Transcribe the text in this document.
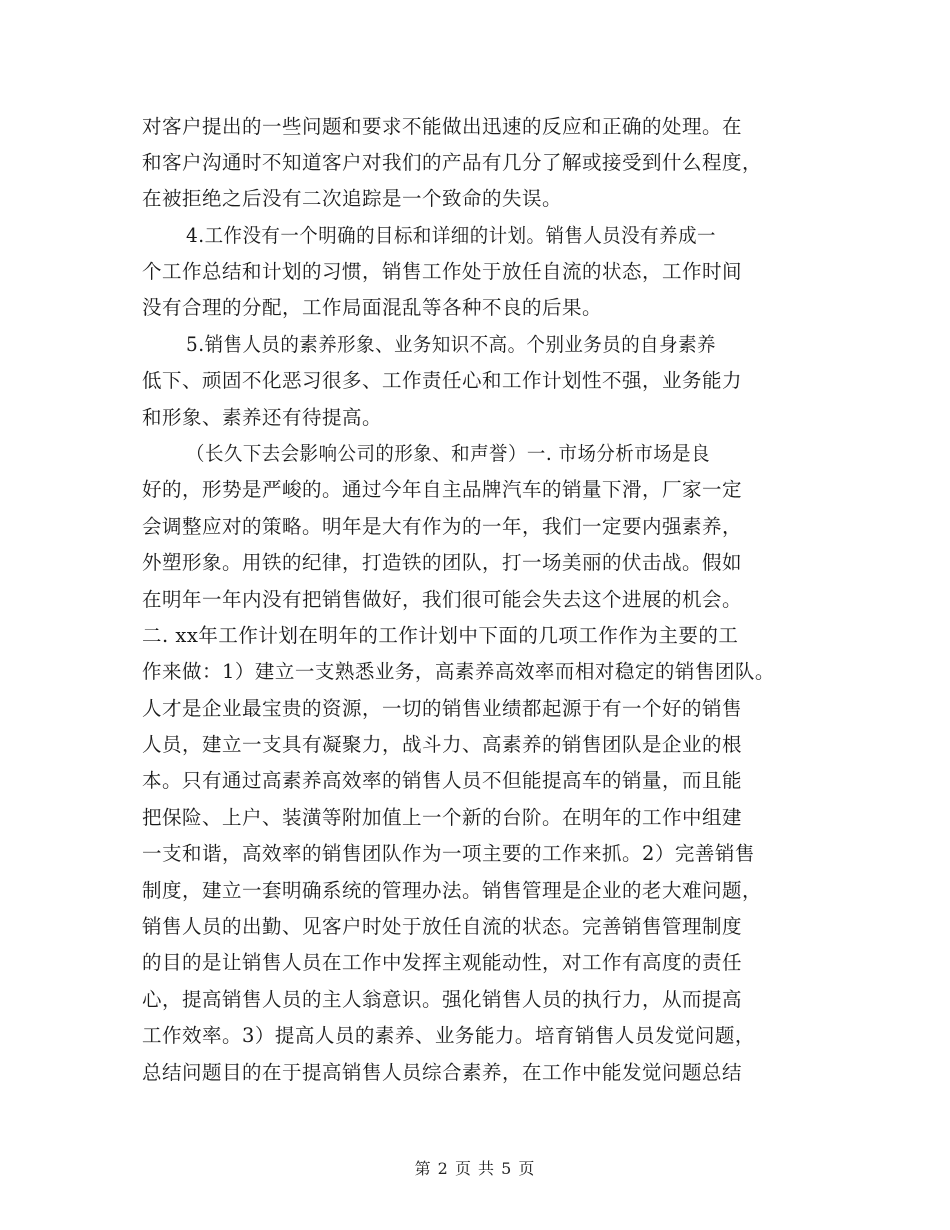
对客户提出的一些问题和要求不能做出迅速的反应和正确的处理。在
和客户沟通时不知道客户对我们的产品有几分了解或接受到什么程度，
在被拒绝之后没有二次追踪是一个致命的失误。
4.工作没有一个明确的目标和详细的计划。销售人员没有养成一
个工作总结和计划的习惯，销售工作处于放任自流的状态，工作时间
没有合理的分配，工作局面混乱等各种不良的后果。
5.销售人员的素养形象、业务知识不高。个别业务员的自身素养
低下、顽固不化恶习很多、工作责任心和工作计划性不强，业务能力
和形象、素养还有待提高。
（长久下去会影响公司的形象、和声誉）一. 市场分析市场是良
好的，形势是严峻的。通过今年自主品牌汽车的销量下滑，厂家一定
会调整应对的策略。明年是大有作为的一年，我们一定要内强素养，
外塑形象。用铁的纪律，打造铁的团队，打一场美丽的伏击战。假如
在明年一年内没有把销售做好，我们很可能会失去这个进展的机会。
二. xx年工作计划在明年的工作计划中下面的几项工作作为主要的工
作来做：1）建立一支熟悉业务，高素养高效率而相对稳定的销售团队。
人才是企业最宝贵的资源，一切的销售业绩都起源于有一个好的销售
人员，建立一支具有凝聚力，战斗力、高素养的销售团队是企业的根
本。只有通过高素养高效率的销售人员不但能提高车的销量，而且能
把保险、上户、装潢等附加值上一个新的台阶。在明年的工作中组建
一支和谐，高效率的销售团队作为一项主要的工作来抓。2）完善销售
制度，建立一套明确系统的管理办法。销售管理是企业的老大难问题，
销售人员的出勤、见客户时处于放任自流的状态。完善销售管理制度
的目的是让销售人员在工作中发挥主观能动性，对工作有高度的责任
心，提高销售人员的主人翁意识。强化销售人员的执行力，从而提高
工作效率。3）提高人员的素养、业务能力。培育销售人员发觉问题，
总结问题目的在于提高销售人员综合素养，在工作中能发觉问题总结
第 2 页 共 5 页
